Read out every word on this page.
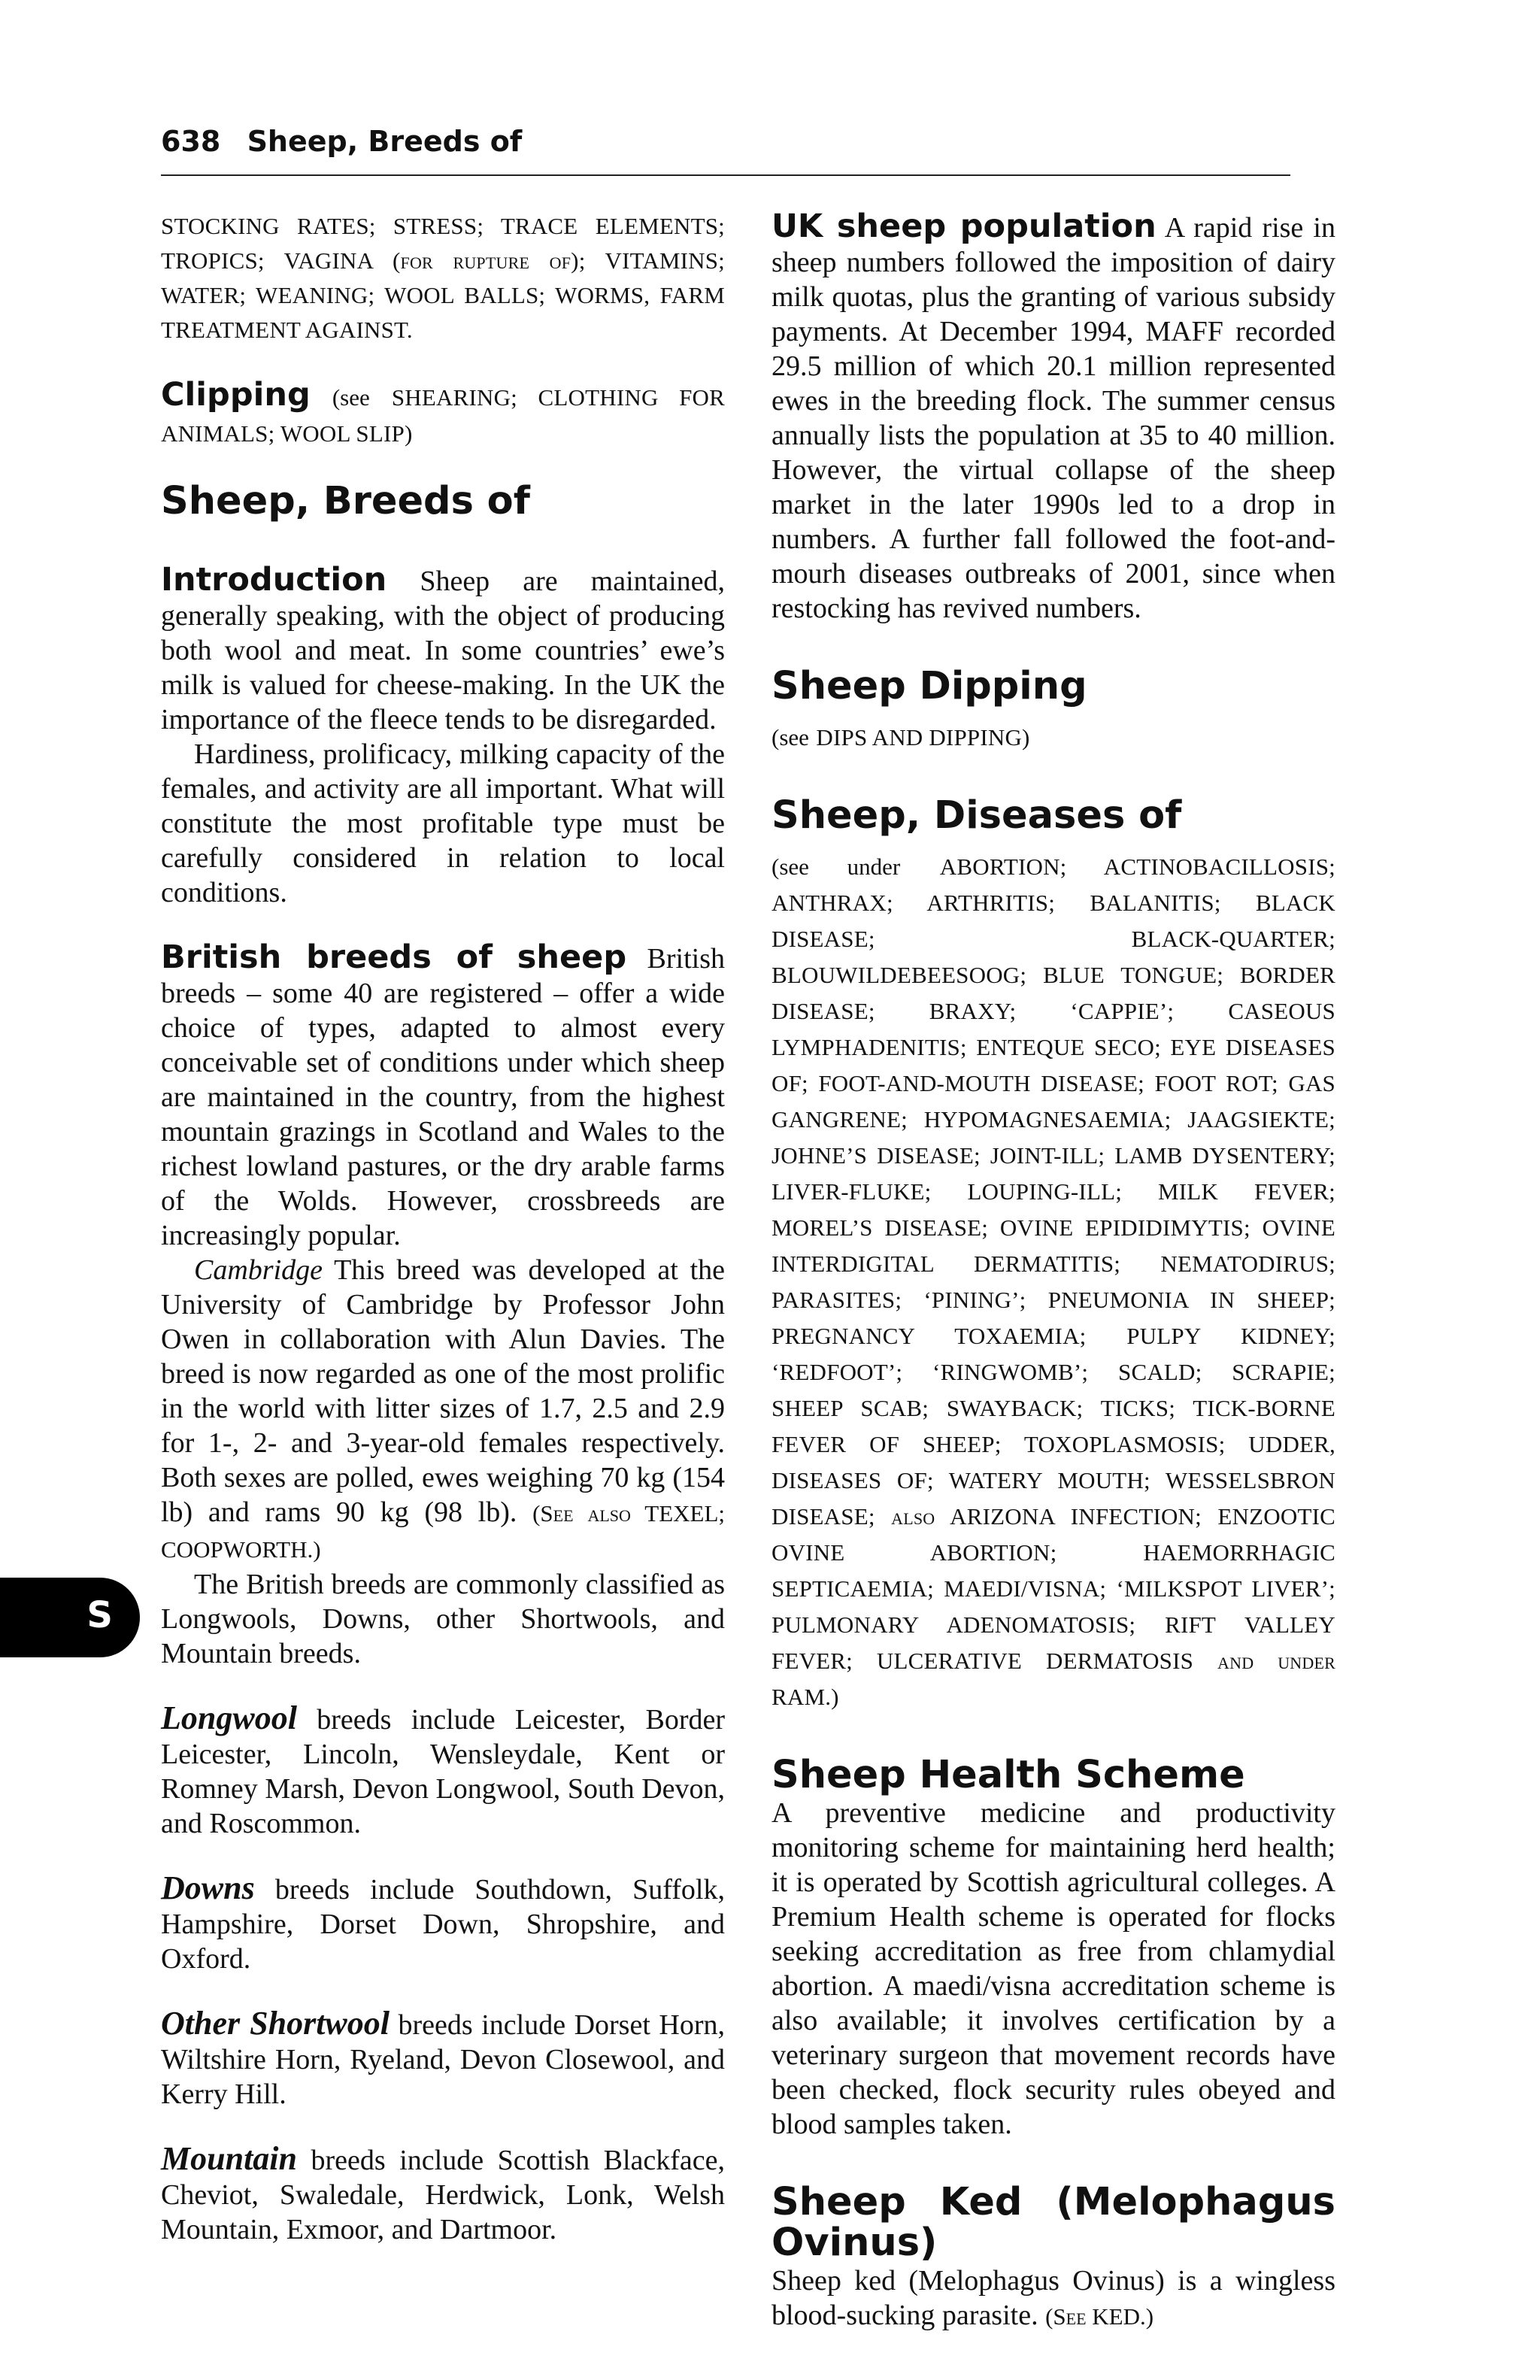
638 Sheep, Breeds of
S

STOCKING RATES; STRESS; TRACE ELEMENTS; TROPICS; VAGINA (for rupture of); VITAMINS; WATER; WEANING; WOOL BALLS; WORMS, FARM TREATMENT AGAINST.

Clipping (see SHEARING; CLOTHING FOR ANIMALS; WOOL SLIP)

Sheep, Breeds of

Introduction Sheep are maintained, generally speaking, with the object of producing both wool and meat. In some countries’ ewe’s milk is valued for cheese-making. In the UK the importance of the fleece tends to be disregarded.

Hardiness, prolificacy, milking capacity of the females, and activity are all important. What will constitute the most profitable type must be carefully considered in relation to local conditions.

British breeds of sheep British breeds – some 40 are registered – offer a wide choice of types, adapted to almost every conceivable set of conditions under which sheep are maintained in the country, from the highest mountain grazings in Scotland and Wales to the richest lowland pastures, or the dry arable farms of the Wolds. However, crossbreeds are increasingly popular.

Cambridge This breed was developed at the University of Cambridge by Professor John Owen in collaboration with Alun Davies. The breed is now regarded as one of the most prolific in the world with litter sizes of 1.7, 2.5 and 2.9 for 1-, 2- and 3-year-old females respectively. Both sexes are polled, ewes weighing 70 kg (154 lb) and rams 90 kg (98 lb). (See also TEXEL; COOPWORTH.)

The British breeds are commonly classified as Longwools, Downs, other Shortwools, and Mountain breeds.

Longwool breeds include Leicester, Border Leicester, Lincoln, Wensleydale, Kent or Romney Marsh, Devon Longwool, South Devon, and Roscommon.

Downs breeds include Southdown, Suffolk, Hampshire, Dorset Down, Shropshire, and Oxford.

Other Shortwool breeds include Dorset Horn, Wiltshire Horn, Ryeland, Devon Closewool, and Kerry Hill.

Mountain breeds include Scottish Blackface, Cheviot, Swaledale, Herdwick, Lonk, Welsh Mountain, Exmoor, and Dartmoor.

UK sheep population A rapid rise in sheep numbers followed the imposition of dairy milk quotas, plus the granting of various subsidy payments. At December 1994, MAFF recorded 29.5 million of which 20.1 million represented ewes in the breeding flock. The summer census annually lists the population at 35 to 40 million. However, the virtual collapse of the sheep market in the later 1990s led to a drop in numbers. A further fall followed the foot-and-mourh diseases outbreaks of 2001, since when restocking has revived numbers.

Sheep Dipping

(see DIPS AND DIPPING)

Sheep, Diseases of

(see under ABORTION; ACTINOBACILLOSIS; ANTHRAX; ARTHRITIS; BALANITIS; BLACK DISEASE; BLACK-QUARTER; BLOUWILDEBEESOOG; BLUE TONGUE; BORDER DISEASE; BRAXY; ‘CAPPIE’; CASEOUS LYMPHADENITIS; ENTEQUE SECO; EYE DISEASES OF; FOOT-AND-MOUTH DISEASE; FOOT ROT; GAS GANGRENE; HYPOMAGNESAEMIA; JAAGSIEKTE; JOHNE’S DISEASE; JOINT-ILL; LAMB DYSENTERY; LIVER-FLUKE; LOUPING-ILL; MILK FEVER; MOREL’S DISEASE; OVINE EPIDIDIMYTIS; OVINE INTERDIGITAL DERMATITIS; NEMATODIRUS; PARASITES; ‘PINING’; PNEUMONIA IN SHEEP; PREGNANCY TOXAEMIA; PULPY KIDNEY; ‘REDFOOT’; ‘RINGWOMB’; SCALD; SCRAPIE; SHEEP SCAB; SWAYBACK; TICKS; TICK-BORNE FEVER OF SHEEP; TOXOPLASMOSIS; UDDER, DISEASES OF; WATERY MOUTH; WESSELSBRON DISEASE; also ARIZONA INFECTION; ENZOOTIC OVINE ABORTION; HAEMORRHAGIC SEPTICAEMIA; MAEDI/VISNA; ‘MILKSPOT LIVER’; PULMONARY ADENOMATOSIS; RIFT VALLEY FEVER; ULCERATIVE DERMATOSIS and under RAM.)

Sheep Health Scheme

A preventive medicine and productivity monitoring scheme for maintaining herd health; it is operated by Scottish agricultural colleges. A Premium Health scheme is operated for flocks seeking accreditation as free from chlamydial abortion. A maedi/visna accreditation scheme is also available; it involves certification by a veterinary surgeon that movement records have been checked, flock security rules obeyed and blood samples taken.

Sheep Ked (Melophagus Ovinus)

Sheep ked (Melophagus Ovinus) is a wingless blood-sucking parasite. (See KED.)
